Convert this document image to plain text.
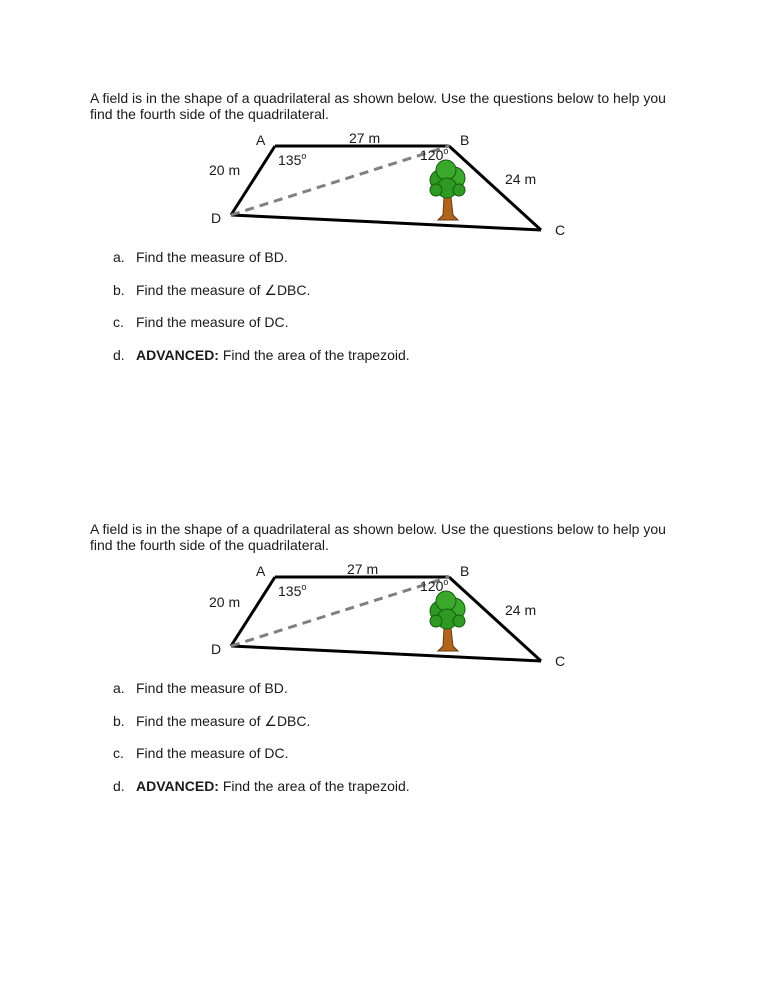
A field is in the shape of a quadrilateral as shown below. Use the questions below to help you find the fourth side of the quadrilateral.

A	B
C
D
27 m
20 m
24 m
135$^o$	120$^o$
a. Find the measure of BD.
b. Find the measure of ∠DBC.
c. Find the measure of DC.
d. ADVANCED: Find the area of the trapezoid.

A field is in the shape of a quadrilateral as shown below. Use the questions below to help you find the fourth side of the quadrilateral.

A	B
C
D
27 m
20 m	24 m
135$^o$	120$^o$
a. Find the measure of BD.
b. Find the measure of ∠DBC.
c. Find the measure of DC.
d. ADVANCED: Find the area of the trapezoid.
